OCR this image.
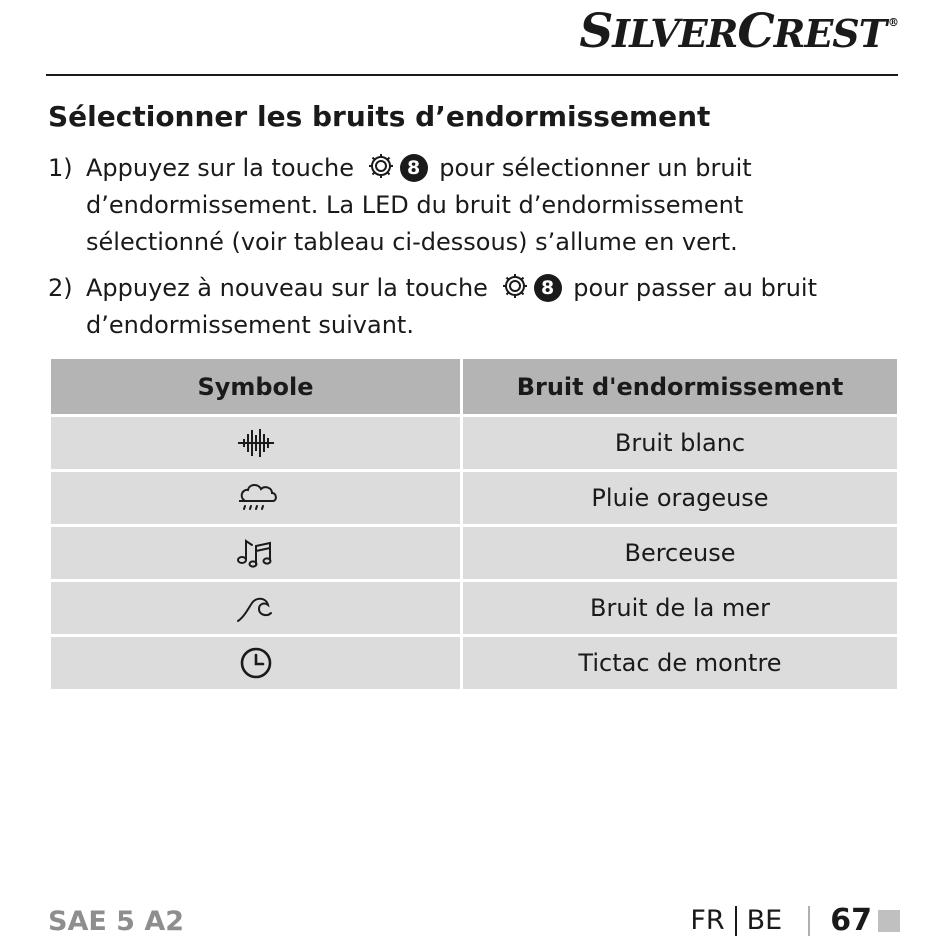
SILVERCREST ®
Sélectionner les bruits d’endormissement
1) Appuyez sur la touche	8 pour sélectionner un bruit d’endormissement. La LED du bruit d’endormissement sélectionné (voir tableau ci-dessous) s’allume en vert.
2) Appuyez à nouveau sur la touche	8 pour passer au bruit d’endormissement suivant.
Symbole	Bruit d'endormissement

	Bruit blanc

	Pluie orageuse

	Berceuse

	Bruit de la mer

	Tictac de montre
SAE 5 A2	FR BE 67
